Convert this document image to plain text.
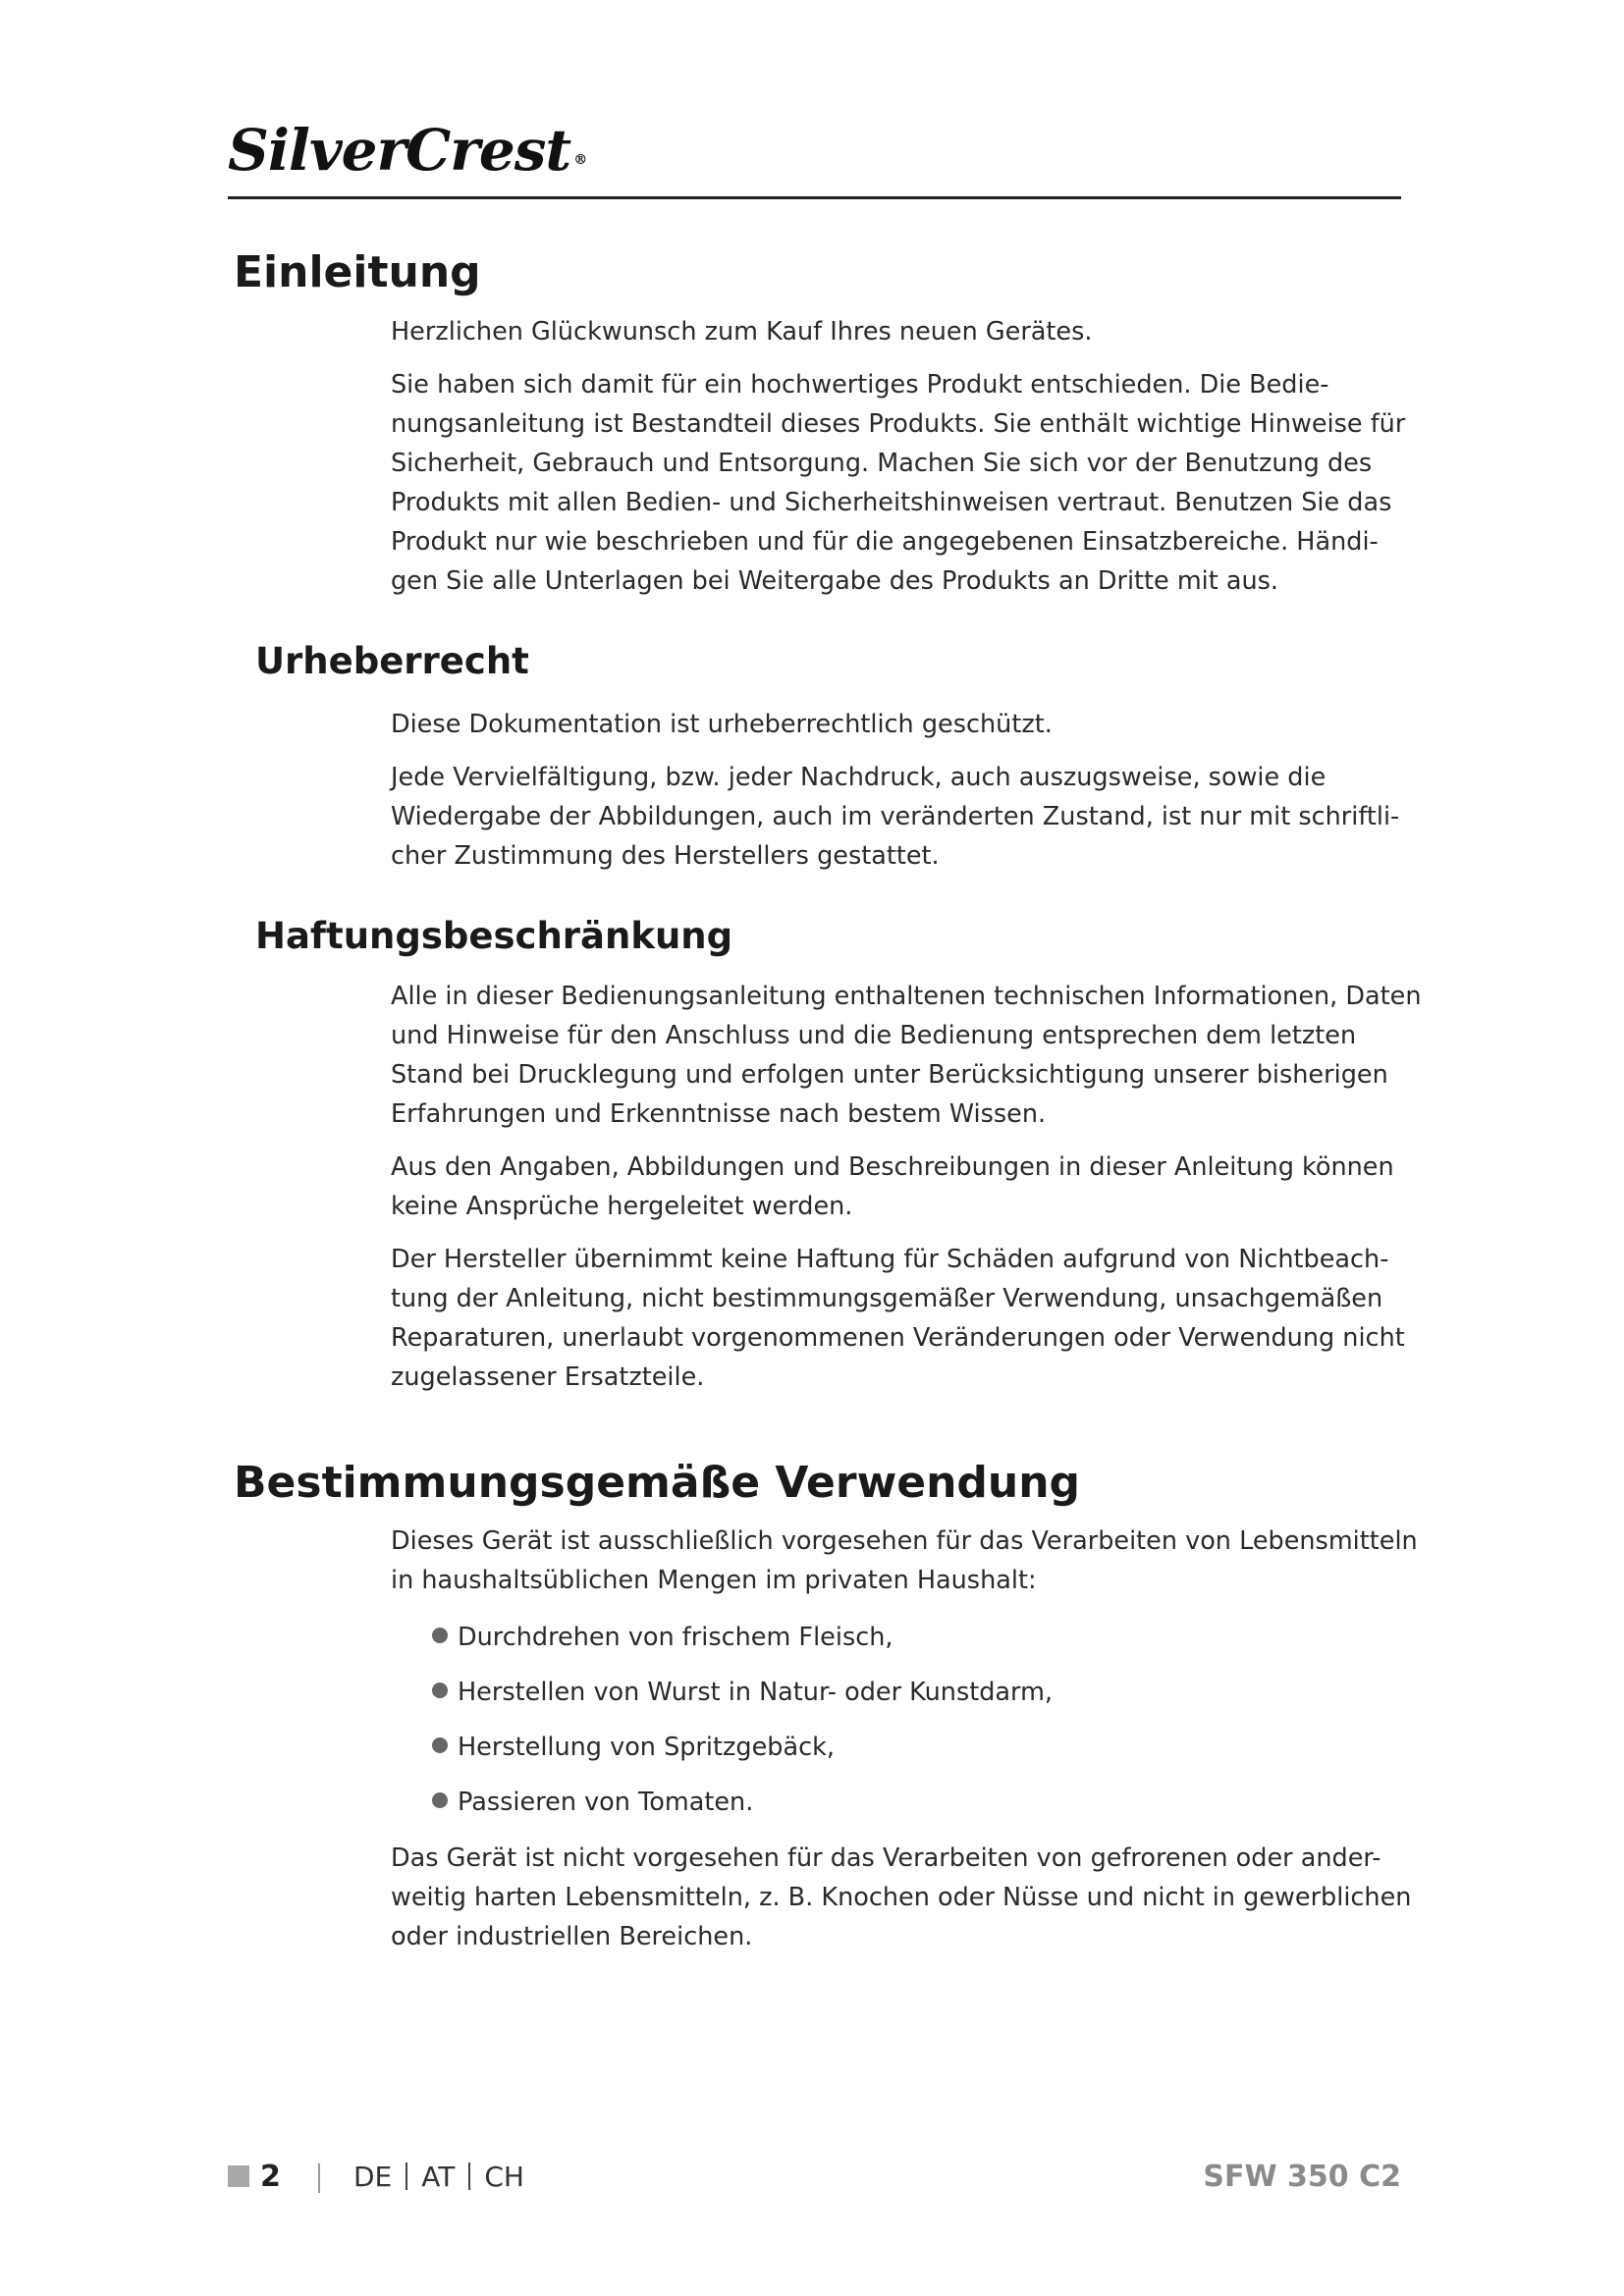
SilverCrest ®
Einleitung

Herzlichen Glückwunsch zum Kauf Ihres neuen Gerätes.

Sie haben sich damit für ein hochwertiges Produkt entschieden. Die Bedie-
nungsanleitung ist Bestandteil dieses Produkts. Sie enthält wichtige Hinweise für
Sicherheit, Gebrauch und Entsorgung. Machen Sie sich vor der Benutzung des
Produkts mit allen Bedien- und Sicherheitshinweisen vertraut. Benutzen Sie das
Produkt nur wie beschrieben und für die angegebenen Einsatzbereiche. Händi-
gen Sie alle Unterlagen bei Weitergabe des Produkts an Dritte mit aus.

Urheberrecht

Diese Dokumentation ist urheberrechtlich geschützt.

Jede Vervielfältigung, bzw. jeder Nachdruck, auch auszugsweise, sowie die
Wiedergabe der Abbildungen, auch im veränderten Zustand, ist nur mit schriftli-
cher Zustimmung des Herstellers gestattet.

Haftungsbeschränkung

Alle in dieser Bedienungsanleitung enthaltenen technischen Informationen, Daten
und Hinweise für den Anschluss und die Bedienung entsprechen dem letzten
Stand bei Drucklegung und erfolgen unter Berücksichtigung unserer bisherigen
Erfahrungen und Erkenntnisse nach bestem Wissen.

Aus den Angaben, Abbildungen und Beschreibungen in dieser Anleitung können
keine Ansprüche hergeleitet werden.

Der Hersteller übernimmt keine Haftung für Schäden aufgrund von Nichtbeach-
tung der Anleitung, nicht bestimmungsgemäßer Verwendung, unsachgemäßen
Reparaturen, unerlaubt vorgenommenen Veränderungen oder Verwendung nicht
zugelassener Ersatzteile.

Bestimmungsgemäße Verwendung

Dieses Gerät ist ausschließlich vorgesehen für das Verarbeiten von Lebensmitteln
in haushaltsüblichen Mengen im privaten Haushalt:

Durchdrehen von frischem Fleisch,
Herstellen von Wurst in Natur- oder Kunstdarm,
Herstellung von Spritzgebäck,
Passieren von Tomaten.

Das Gerät ist nicht vorgesehen für das Verarbeiten von gefrorenen oder ander-
weitig harten Lebensmitteln, z. B. Knochen oder Nüsse und nicht in gewerblichen
oder industriellen Bereichen.

2	DE AT CH	SFW 350 C2
